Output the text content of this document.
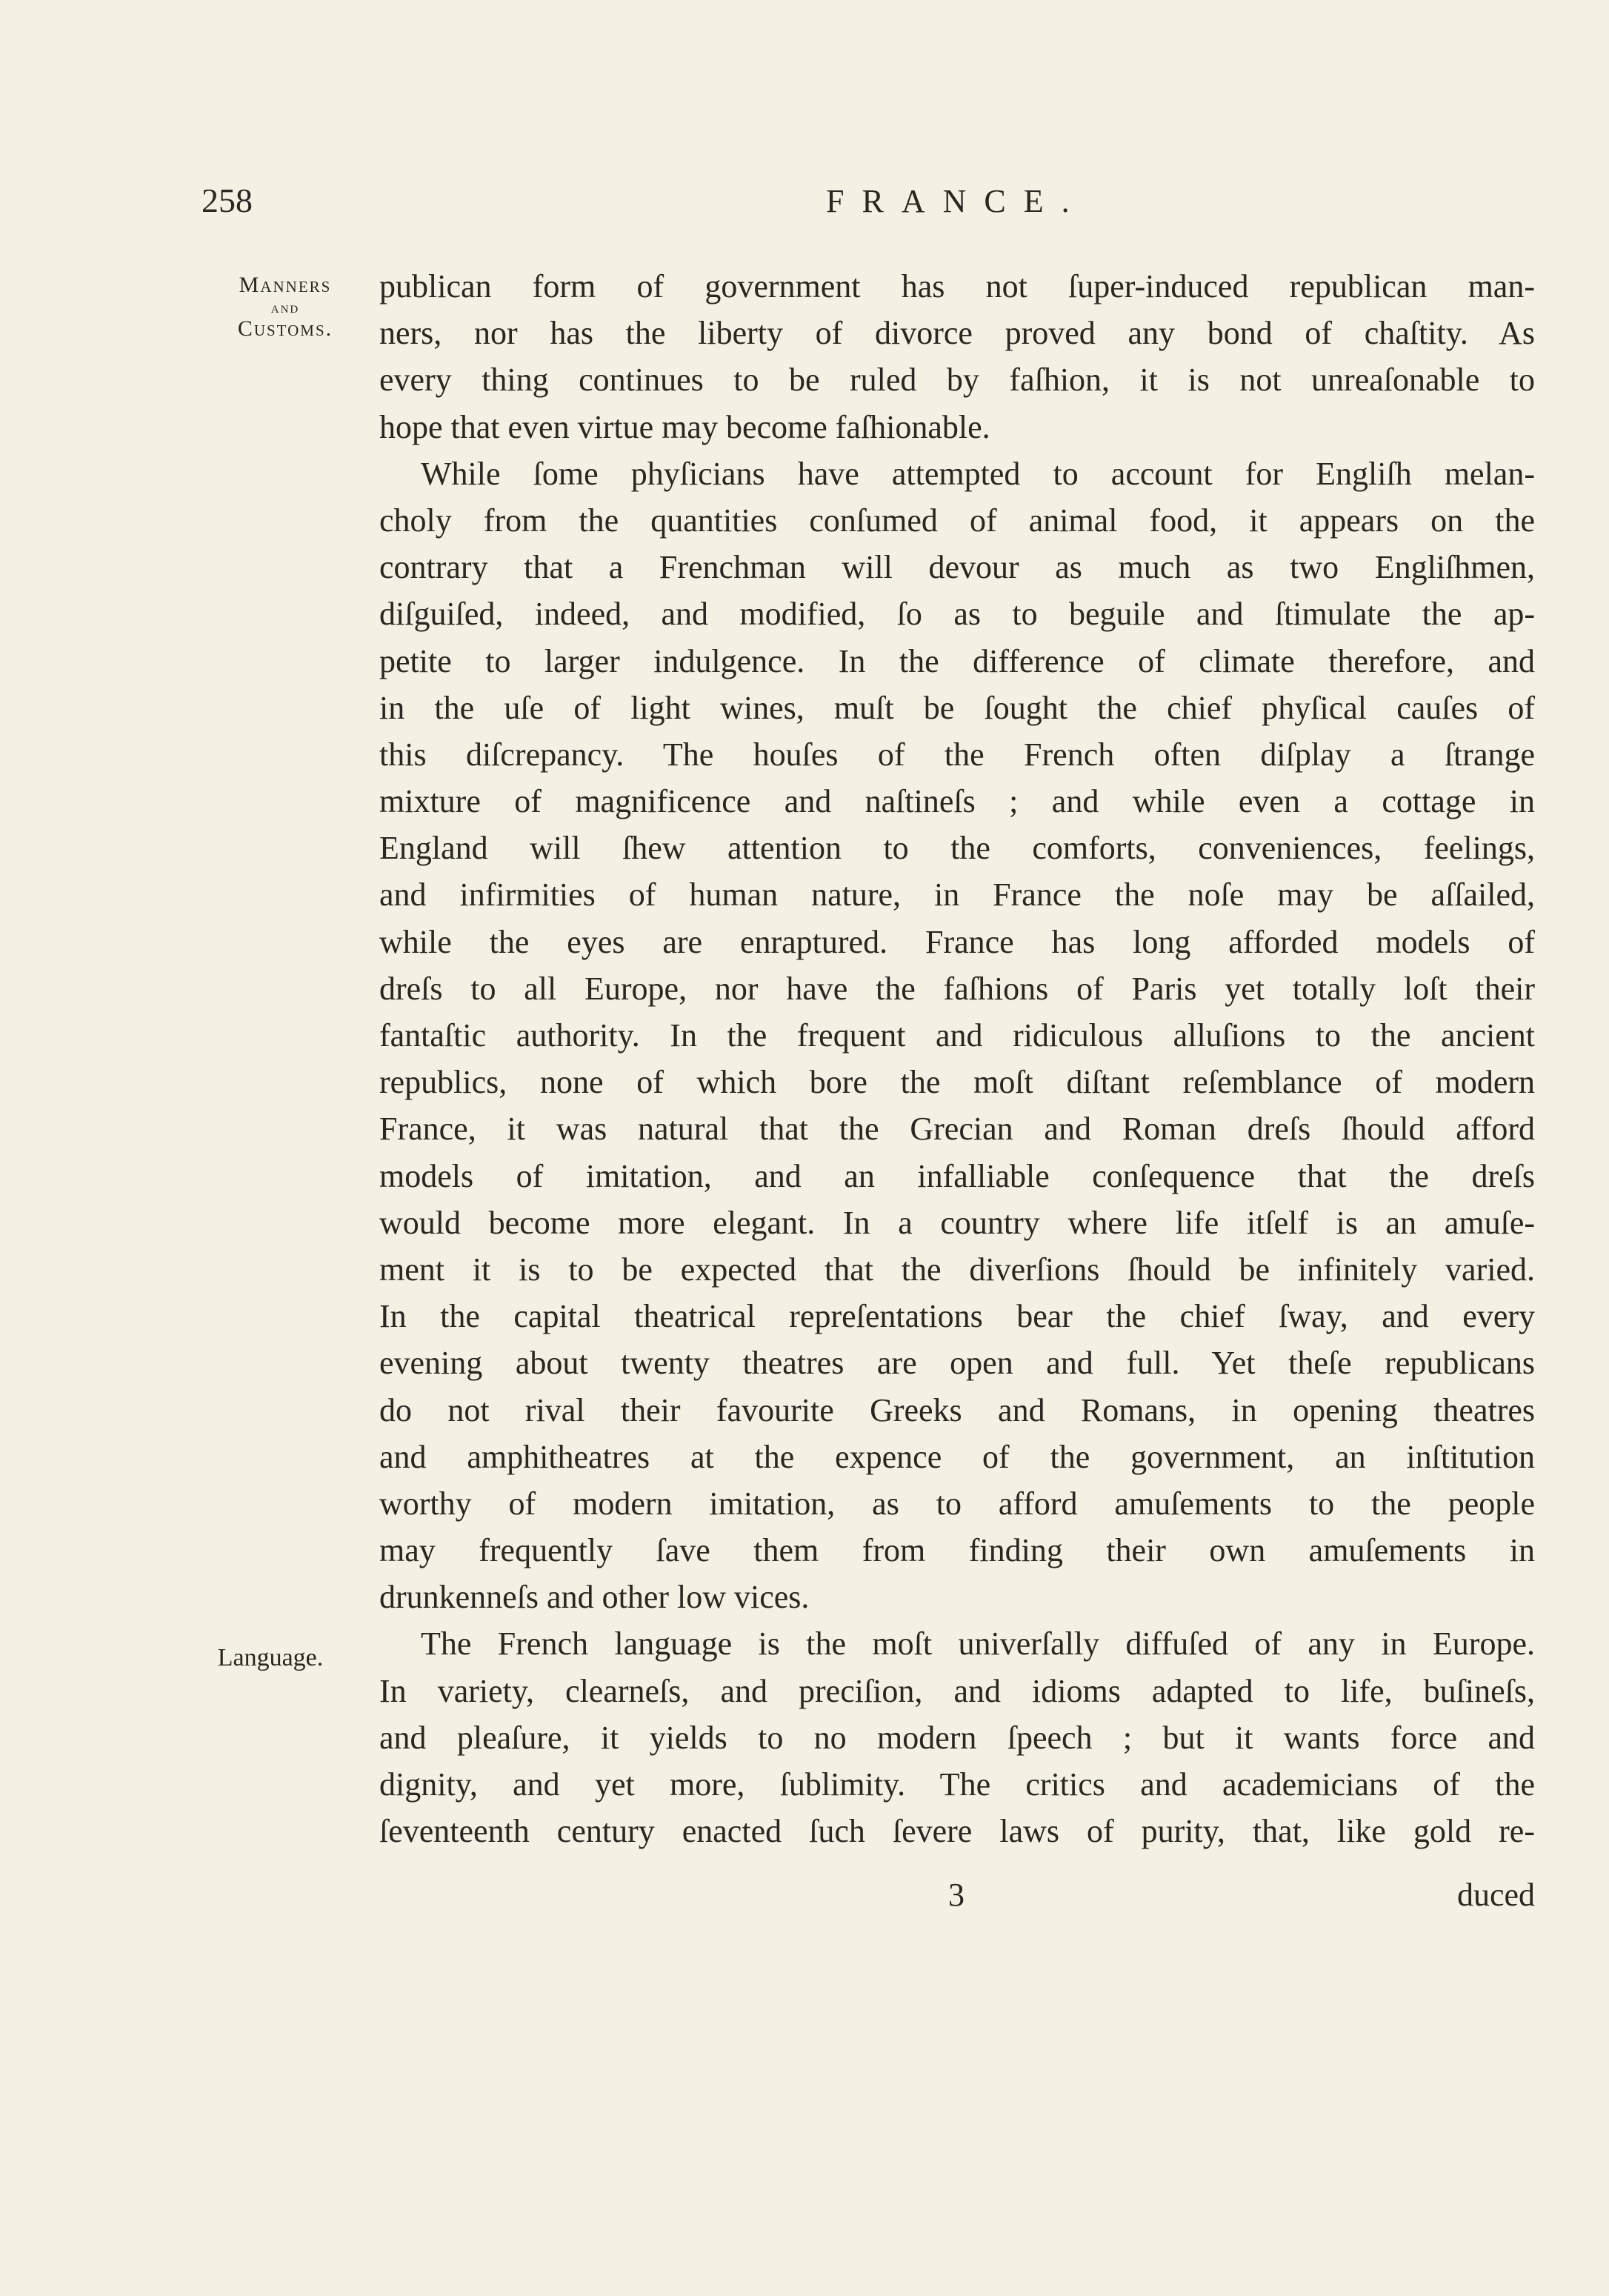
258	FRANCE.
Manners
and
Customs.
Language.
publican form of government has not ſuper-induced republican man-
ners, nor has the liberty of divorce proved any bond of chaſtity. As
every thing continues to be ruled by faſhion, it is not unreaſonable to
hope that even virtue may become faſhionable.
While ſome phyſicians have attempted to account for Engliſh melan-
choly from the quantities conſumed of animal food, it appears on the
contrary that a Frenchman will devour as much as two Engliſhmen,
diſguiſed, indeed, and modified, ſo as to beguile and ſtimulate the ap-
petite to larger indulgence. In the difference of climate therefore, and
in the uſe of light wines, muſt be ſought the chief phyſical cauſes of
this diſcrepancy. The houſes of the French often diſplay a ſtrange
mixture of magnificence and naſtineſs ; and while even a cottage in
England will ſhew attention to the comforts, conveniences, feelings,
and infirmities of human nature, in France the noſe may be aſſailed,
while the eyes are enraptured. France has long afforded models of
dreſs to all Europe, nor have the faſhions of Paris yet totally loſt their
fantaſtic authority. In the frequent and ridiculous alluſions to the ancient
republics, none of which bore the moſt diſtant reſemblance of modern
France, it was natural that the Grecian and Roman dreſs ſhould afford
models of imitation, and an infalliable conſequence that the dreſs
would become more elegant. In a country where life itſelf is an amuſe-
ment it is to be expected that the diverſions ſhould be infinitely varied.
In the capital theatrical repreſentations bear the chief ſway, and every
evening about twenty theatres are open and full. Yet theſe republicans
do not rival their favourite Greeks and Romans, in opening theatres
and amphitheatres at the expence of the government, an inſtitution
worthy of modern imitation, as to afford amuſements to the people
may frequently ſave them from finding their own amuſements in
drunkenneſs and other low vices.
The French language is the moſt univerſally diffuſed of any in Europe.
In variety, clearneſs, and preciſion, and idioms adapted to life, buſineſs,
and pleaſure, it yields to no modern ſpeech ; but it wants force and
dignity, and yet more, ſublimity. The critics and academicians of the
ſeventeenth century enacted ſuch ſevere laws of purity, that, like gold re-
3	duced
